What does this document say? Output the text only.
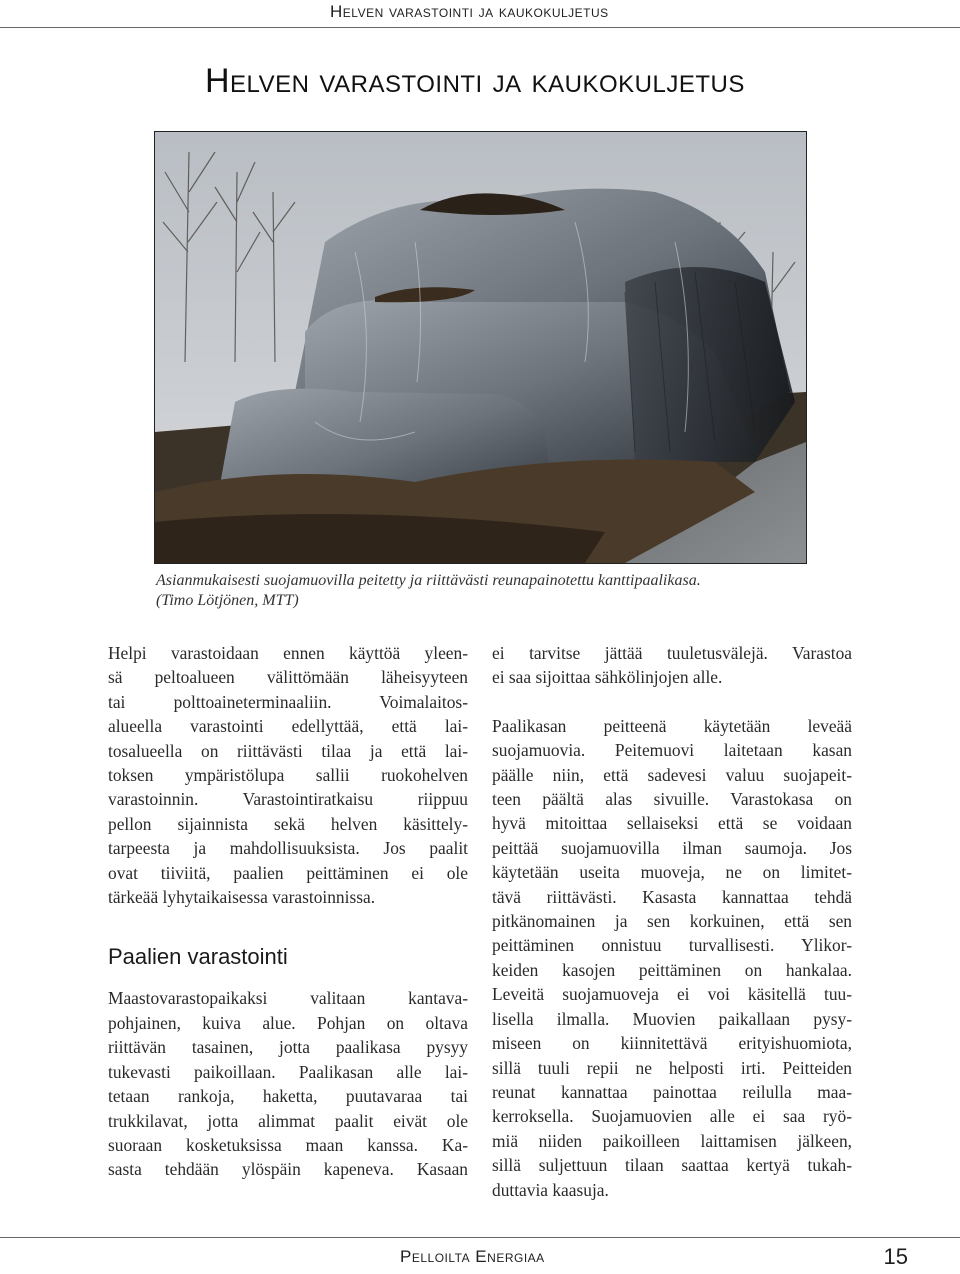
Helven varastointi ja kaukokuljetus
Helven varastointi ja kaukokuljetus
Asianmukaisesti suojamuovilla peitetty ja riittävästi reunapainotettu kanttipaalikasa.
(Timo Lötjönen, MTT)

Helpi varastoidaan ennen käyttöä yleen-
sä peltoalueen välittömään läheisyyteen
tai polttoaineterminaaliin. Voimalaitos-
alueella varastointi edellyttää, että lai-
tosalueella on riittävästi tilaa ja että lai-
toksen ympäristölupa sallii ruokohelven
varastoinnin. Varastointiratkaisu riippuu
pellon sijainnista sekä helven käsittely-
tarpeesta ja mahdollisuuksista. Jos paalit
ovat tiiviitä, paalien peittäminen ei ole
tärkeää lyhytaikaisessa varastoinnissa.

Paalien varastointi

Maastovarastopaikaksi valitaan kantava-
pohjainen, kuiva alue. Pohjan on oltava
riittävän tasainen, jotta paalikasa pysyy
tukevasti paikoillaan. Paalikasan alle lai-
tetaan rankoja, haketta, puutavaraa tai
trukkilavat, jotta alimmat paalit eivät ole
suoraan kosketuksissa maan kanssa. Ka-
sasta tehdään ylöspäin kapeneva. Kasaan

ei tarvitse jättää tuuletusvälejä. Varastoa
ei saa sijoittaa sähkölinjojen alle.

Paalikasan peitteenä käytetään leveää
suojamuovia. Peitemuovi laitetaan kasan
päälle niin, että sadevesi valuu suojapeit-
teen päältä alas sivuille. Varastokasa on
hyvä mitoittaa sellaiseksi että se voidaan
peittää suojamuovilla ilman saumoja. Jos
käytetään useita muoveja, ne on limitet-
tävä riittävästi. Kasasta kannattaa tehdä
pitkänomainen ja sen korkuinen, että sen
peittäminen onnistuu turvallisesti. Ylikor-
keiden kasojen peittäminen on hankalaa.
Leveitä suojamuoveja ei voi käsitellä tuu-
lisella ilmalla. Muovien paikallaan pysy-
miseen on kiinnitettävä erityishuomiota,
sillä tuuli repii ne helposti irti. Peitteiden
reunat kannattaa painottaa reilulla maa-
kerroksella. Suojamuovien alle ei saa ryö-
miä niiden paikoilleen laittamisen jälkeen,
sillä suljettuun tilaan saattaa kertyä tukah-
duttavia kaasuja.

Pelloilta Energiaa	15
